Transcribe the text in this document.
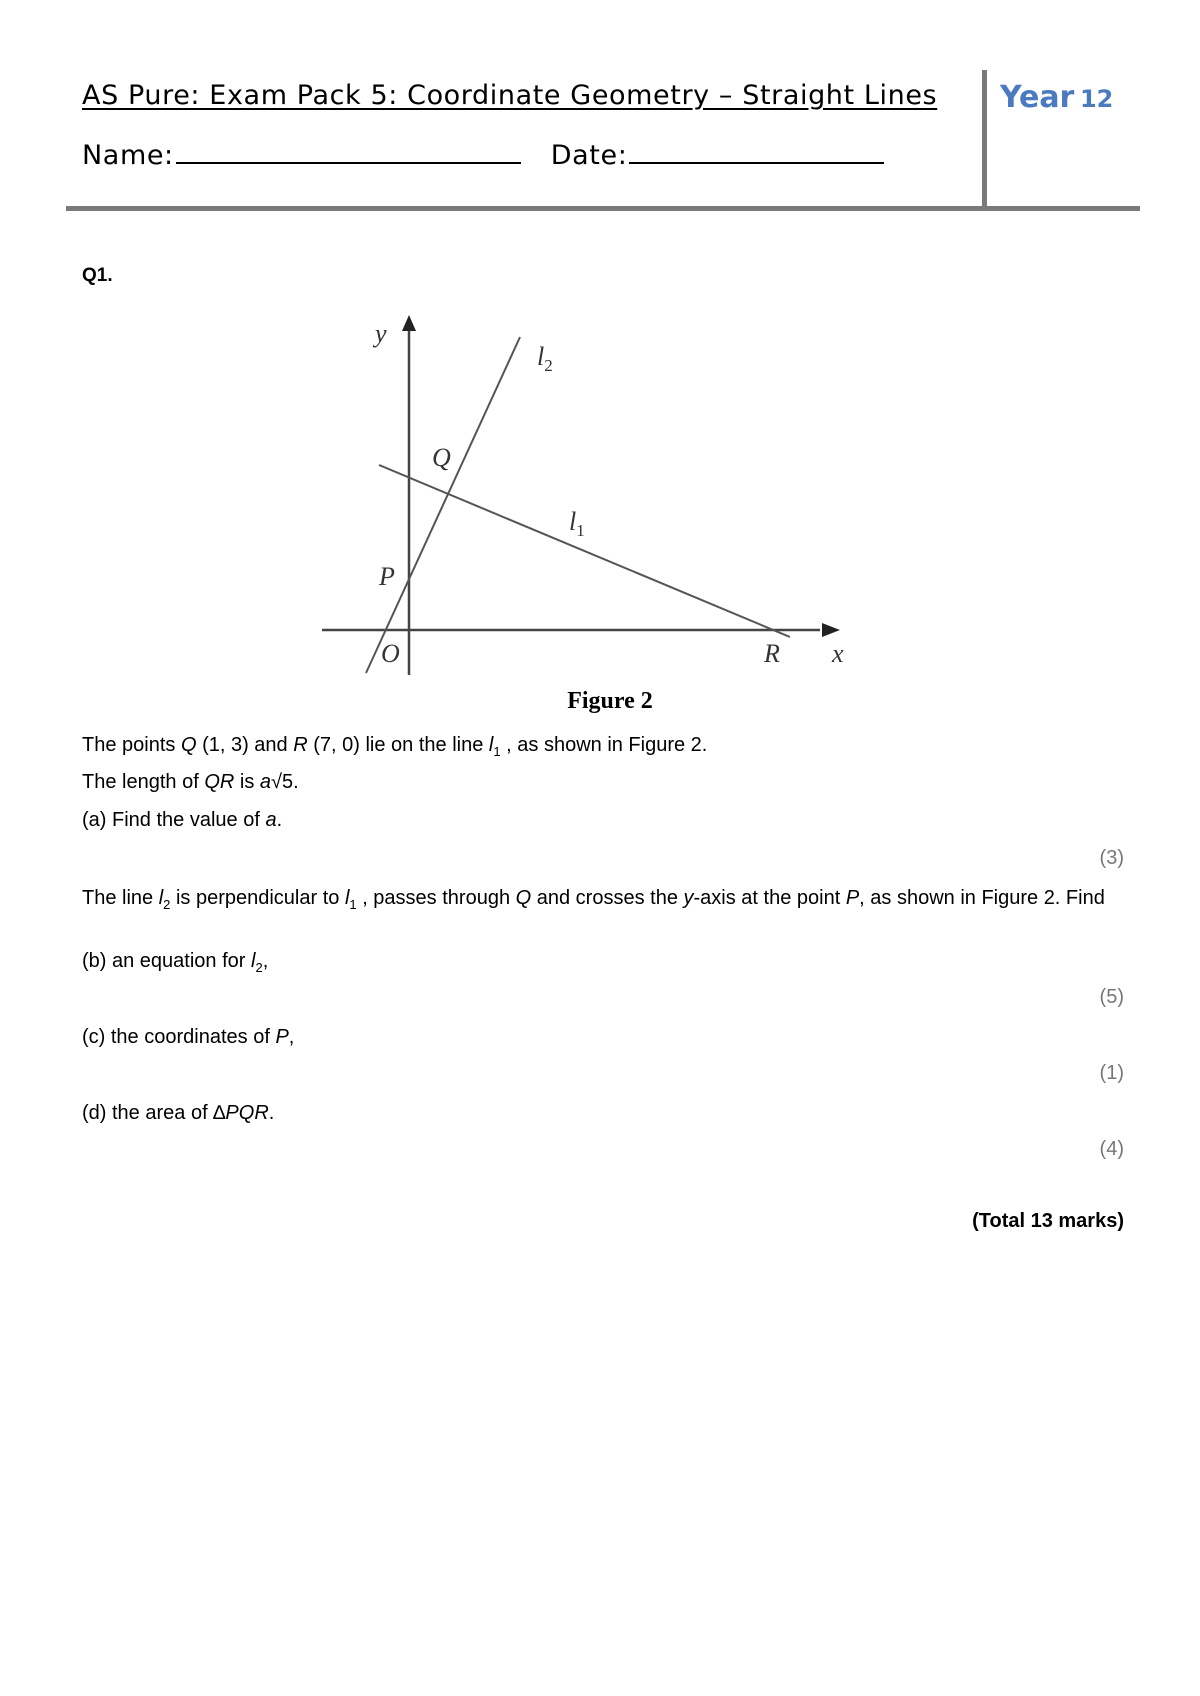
AS Pure: Exam Pack 5: Coordinate Geometry – Straight Lines
Name:	Date:
Year 12
Q1.
y
x
$l_2$
$l_1$
Q
P
O	R
Figure 2
The points Q (1, 3) and R (7, 0) lie on the line $l_1$ , as shown in Figure 2.
The length of QR is a√5.
(a) Find the value of a.
(3)
The line $l_2$ is perpendicular to $l_1$ , passes through Q and crosses the y-axis at the point P, as shown in Figure 2. Find
(b) an equation for $l_2$,
(5)
(c) the coordinates of P,
(1)
(d) the area of ∆PQR.
(4)
(Total 13 marks)
